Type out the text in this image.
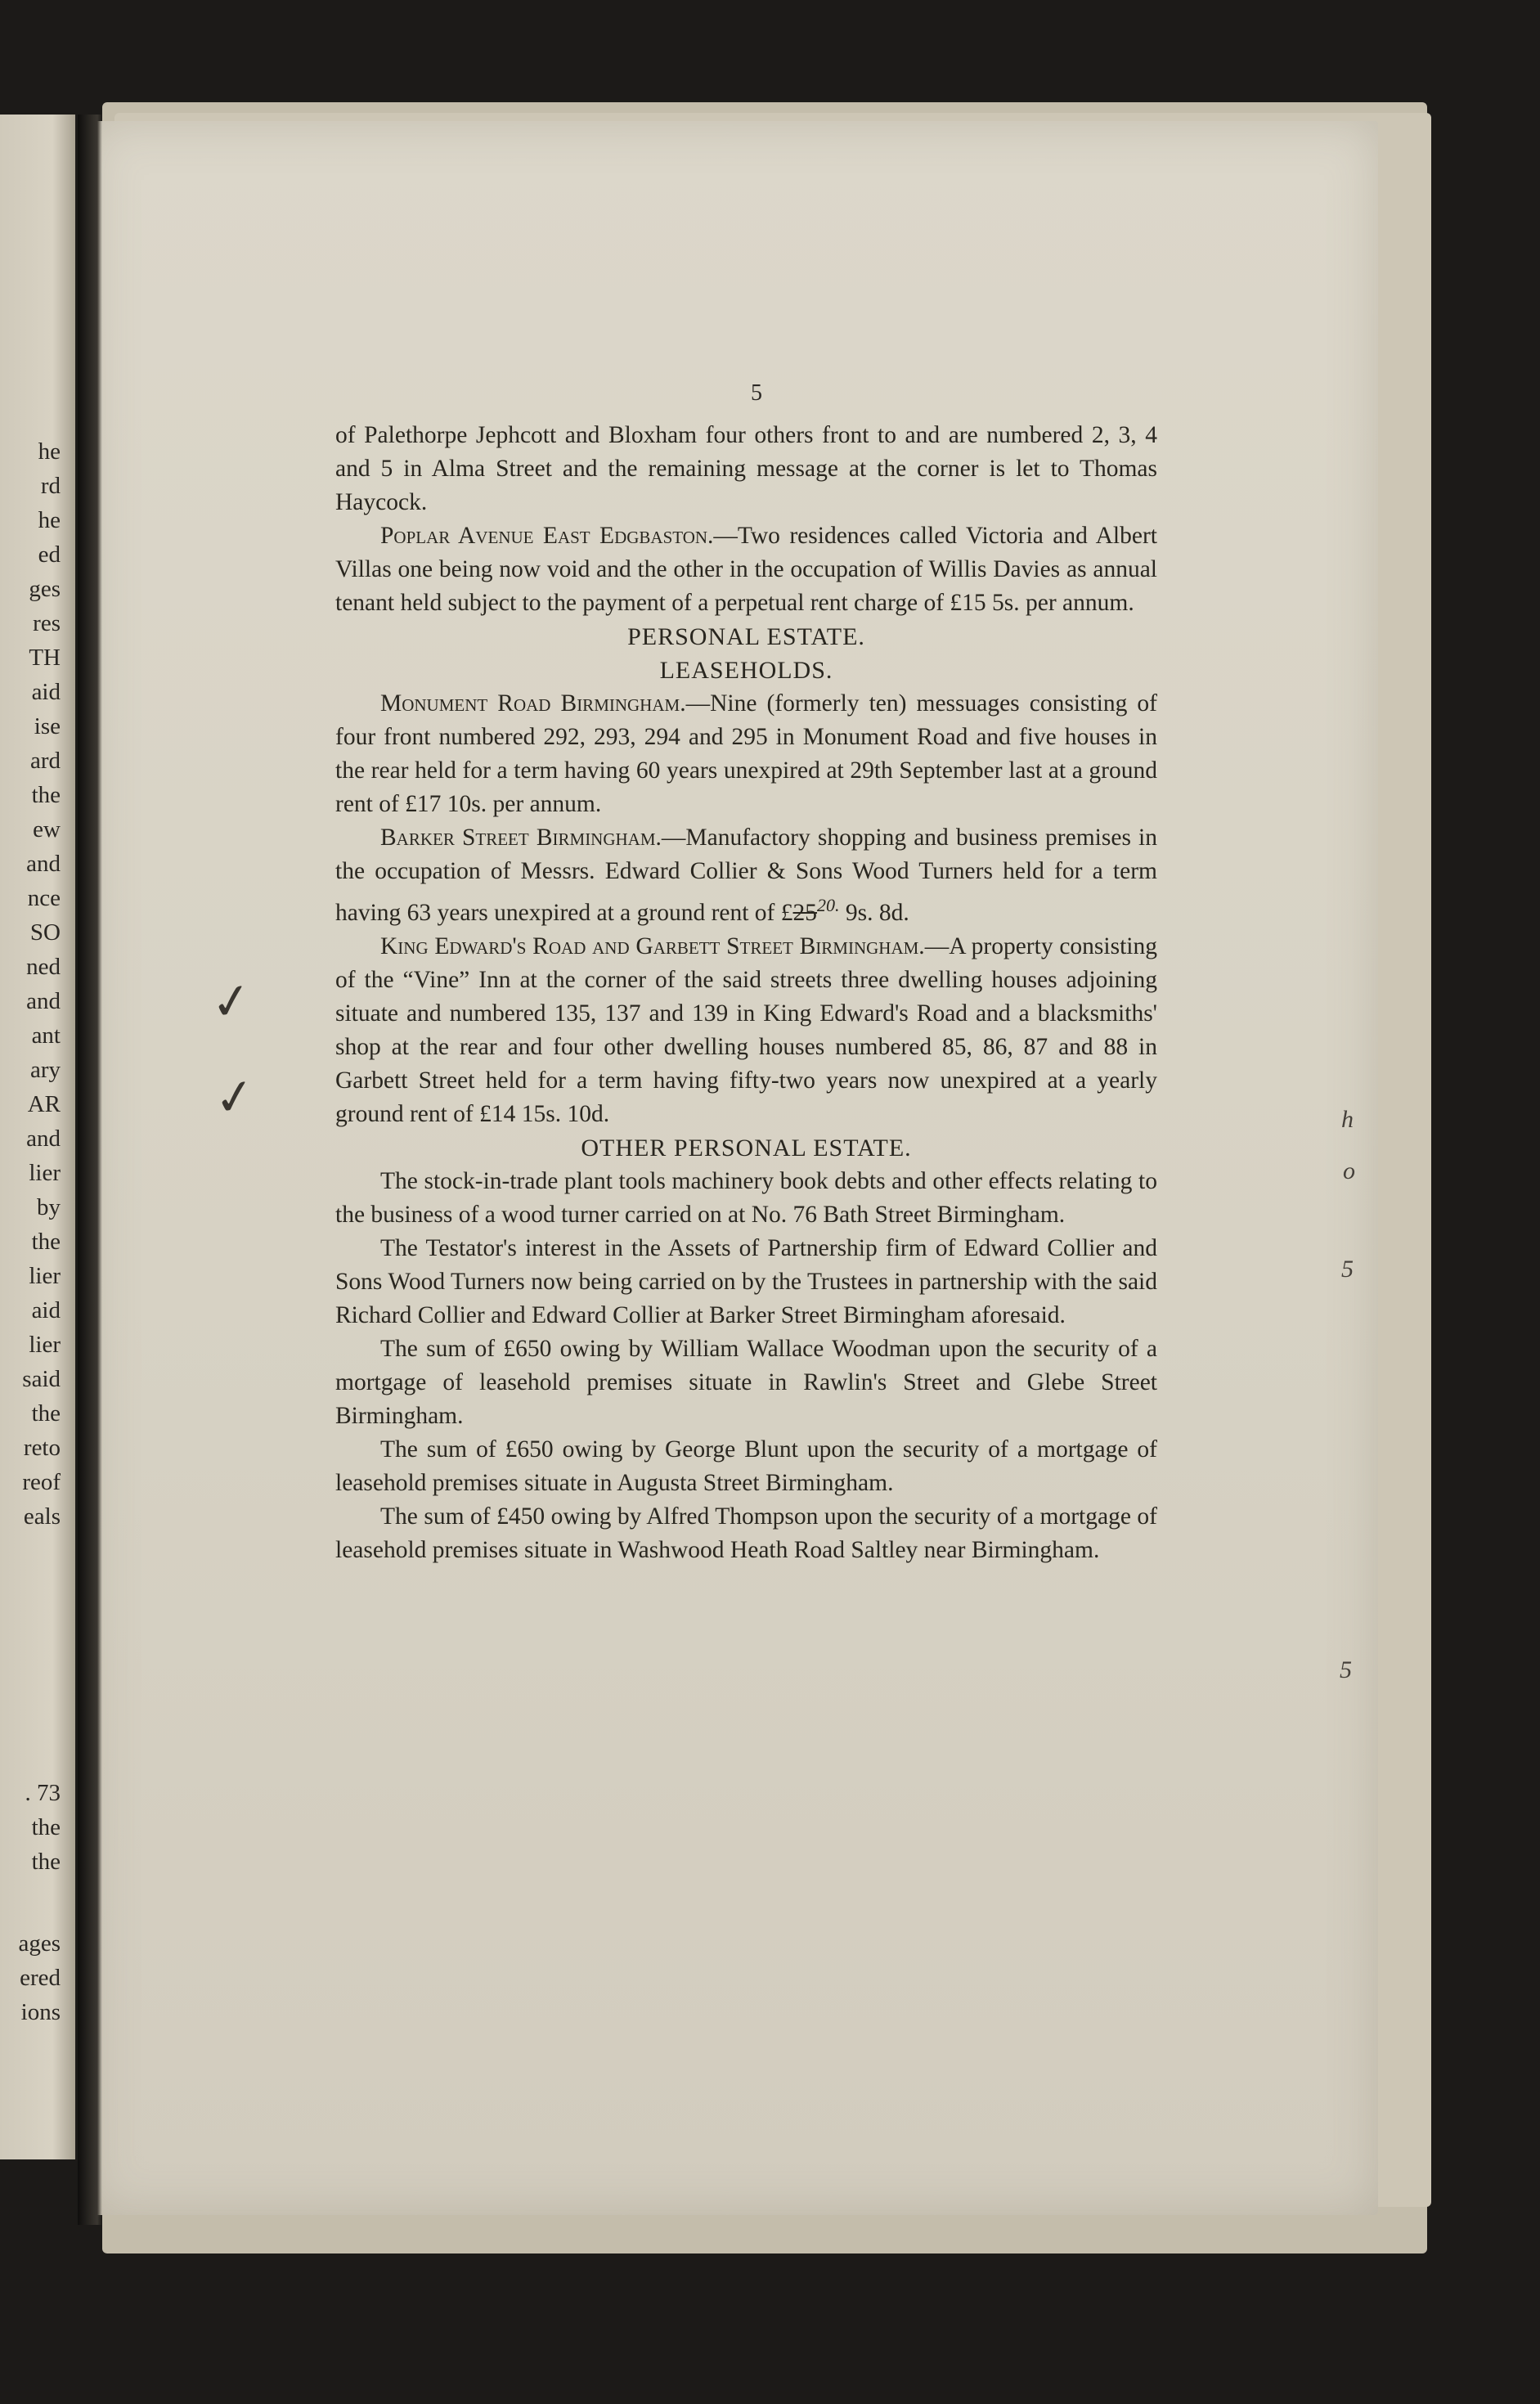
he
rd
he
ed
ges
res
TH
aid
ise
ard
the
ew
and
nce
SO
ned
and
ant
ary
AR
and
lier
by
the
lier
aid
lier
said
the
reto
reof
eals
. 73
the
the
ages
ered
ions
5

of Palethorpe Jephcott and Bloxham four others front to and are numbered 2, 3, 4 and 5 in Alma Street and the remaining message at the corner is let to Thomas Haycock.

Poplar Avenue East Edgbaston.—Two residences called Victoria and Albert Villas one being now void and the other in the occupation of Willis Davies as annual tenant held subject to the payment of a perpetual rent charge of £15 5s. per annum.

PERSONAL ESTATE.

LEASEHOLDS.

Monument Road Birmingham.—Nine (formerly ten) messuages consisting of four front numbered 292, 293, 294 and 295 in Monument Road and five houses in the rear held for a term having 60 years unexpired at 29th September last at a ground rent of £17 10s. per annum.

Barker Street Birmingham.—Manufactory shopping and business premises in the occupation of Messrs. Edward Collier & Sons Wood Turners held for a term having 63 years unexpired at a ground rent of $£25^{20.}$ 9s. 8d.

King Edward's Road and Garbett Street Birmingham.—A property consisting of the “Vine” Inn at the corner of the said streets three dwelling houses adjoining situate and numbered 135, 137 and 139 in King Edward's Road and a blacksmiths' shop at the rear and four other dwelling houses numbered 85, 86, 87 and 88 in Garbett Street held for a term having fifty-two years now unexpired at a yearly ground rent of £14 15s. 10d.

OTHER PERSONAL ESTATE.

The stock-in-trade plant tools machinery book debts and other effects relating to the business of a wood turner carried on at No. 76 Bath Street Birmingham.

The Testator's interest in the Assets of Partnership firm of Edward Collier and Sons Wood Turners now being carried on by the Trustees in partnership with the said Richard Collier and Edward Collier at Barker Street Birmingham aforesaid.

The sum of £650 owing by William Wallace Woodman upon the security of a mortgage of leasehold premises situate in Rawlin's Street and Glebe Street Birmingham.

The sum of £650 owing by George Blunt upon the security of a mortgage of leasehold premises situate in Augusta Street Birmingham.

The sum of £450 owing by Alfred Thompson upon the security of a mortgage of leasehold premises situate in Washwood Heath Road Saltley near Birmingham.

✓
✓	h
o
5
5
